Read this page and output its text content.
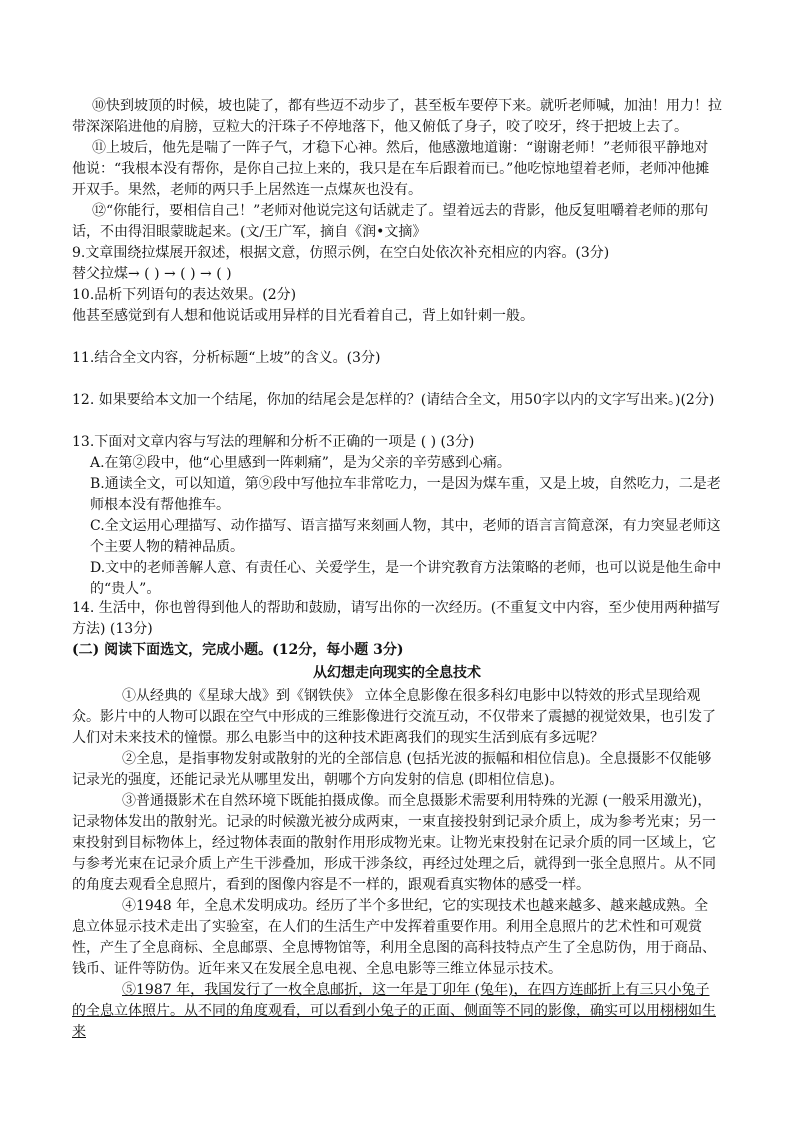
⑩快到坡顶的时候，坡也陡了，都有些迈不动步了，甚至板车要停下来。就听老师喊，加油！用力！拉带深深陷进他的肩膀，豆粒大的汗珠子不停地落下，他又俯低了身子，咬了咬牙，终于把坡上去了。

⑪上坡后，他先是喘了一阵子气，才稳下心神。然后，他感激地道谢：“谢谢老师！”老师很平静地对他说：“我根本没有帮你，是你自己拉上来的，我只是在车后跟着而已。”他吃惊地望着老师，老师冲他摊开双手。果然，老师的两只手上居然连一点煤灰也没有。

⑫“你能行，要相信自己！”老师对他说完这句话就走了。望着远去的背影，他反复咀嚼着老师的那句话，不由得泪眼蒙眬起来。(文/王广军，摘自《润•文摘》

9.文章围绕拉煤展开叙述，根据文意，仿照示例，在空白处依次补充相应的内容。(3分)

替父拉煤→ ( ) → ( ) → ( )

10.品析下列语句的表达效果。(2分)

他甚至感觉到有人想和他说话或用异样的目光看着自己，背上如针刺一般。

11.结合全文内容，分析标题“上坡”的含义。(3分)

12. 如果要给本文加一个结尾，你加的结尾会是怎样的？(请结合全文，用50字以内的文字写出来。)(2分)

13.下面对文章内容与写法的理解和分析不正确的一项是 ( ) (3分)

A.在第②段中，他“心里感到一阵刺痛”，是为父亲的辛劳感到心痛。

B.通读全文，可以知道，第⑨段中写他拉车非常吃力，一是因为煤车重，又是上坡，自然吃力，二是老师根本没有帮他推车。

C.全文运用心理描写、动作描写、语言描写来刻画人物，其中，老师的语言言简意深，有力突显老师这个主要人物的精神品质。

D.文中的老师善解人意、有责任心、关爱学生，是一个讲究教育方法策略的老师，也可以说是他生命中的“贵人”。

14. 生活中，你也曾得到他人的帮助和鼓励，请写出你的一次经历。(不重复文中内容，至少使用两种描写方法) (13分)

(二) 阅读下面选文，完成小题。(12分，每小题 3分)

从幻想走向现实的全息技术

①从经典的《星球大战》到《钢铁侠》 立体全息影像在很多科幻电影中以特效的形式呈现给观众。影片中的人物可以跟在空气中形成的三维影像进行交流互动，不仅带来了震撼的视觉效果，也引发了人们对未来技术的憧憬。那么电影当中的这种技术距离我们的现实生活到底有多远呢？

②全息，是指事物发射或散射的光的全部信息 (包括光波的振幅和相位信息)。全息摄影不仅能够记录光的强度，还能记录光从哪里发出，朝哪个方向发射的信息 (即相位信息)。

③普通摄影术在自然环境下既能拍摄成像。而全息摄影术需要利用特殊的光源 (一般采用激光)，记录物体发出的散射光。记录的时候激光被分成两束，一束直接投射到记录介质上，成为参考光束；另一束投射到目标物体上，经过物体表面的散射作用形成物光束。让物光束投射在记录介质的同一区域上，它与参考光束在记录介质上产生干涉叠加，形成干涉条纹，再经过处理之后，就得到一张全息照片。从不同的角度去观看全息照片，看到的图像内容是不一样的，跟观看真实物体的感受一样。

④1948 年，全息术发明成功。经历了半个多世纪，它的实现技术也越来越多、越来越成熟。全息立体显示技术走出了实验室，在人们的生活生产中发挥着重要作用。利用全息照片的艺术性和可观赏性，产生了全息商标、全息邮票、全息博物馆等，利用全息图的高科技特点产生了全息防伪，用于商品、钱币、证件等防伪。近年来又在发展全息电视、全息电影等三维立体显示技术。

⑤1987 年，我国发行了一枚全息邮折，这一年是丁卯年 (兔年)，在四方连邮折上有三只小兔子的全息立体照片。从不同的角度观看，可以看到小兔子的正面、侧面等不同的影像，确实可以用栩栩如生来
